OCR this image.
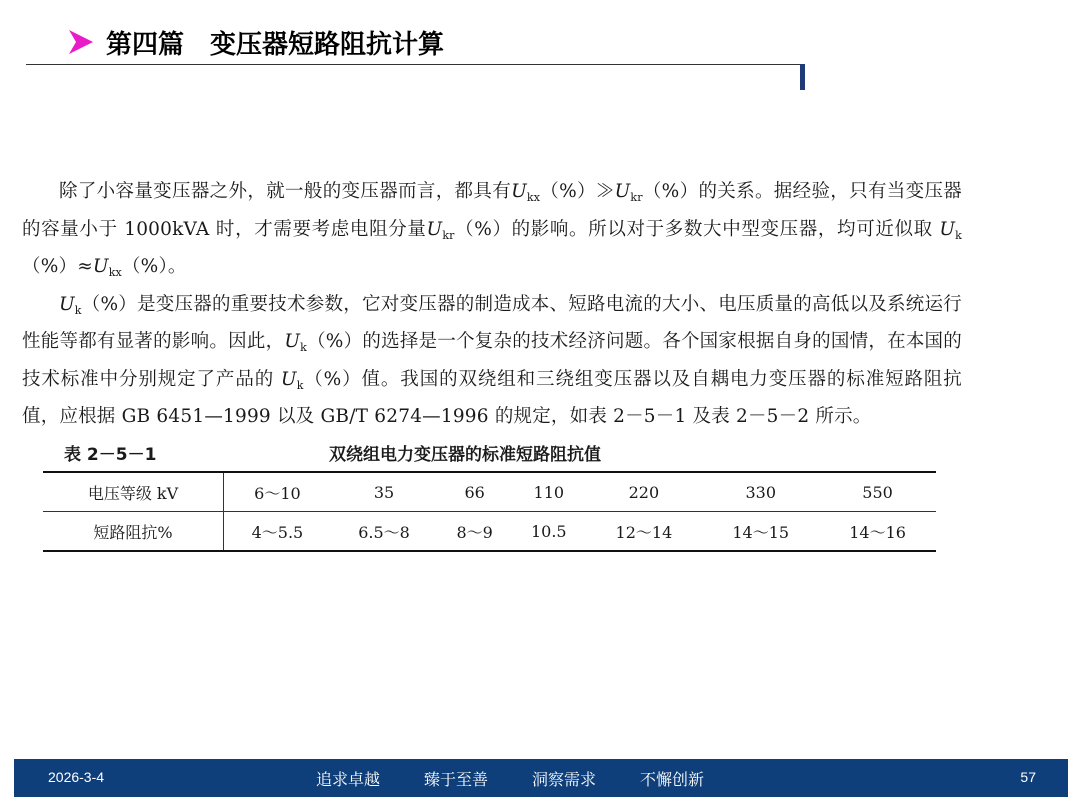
第四篇　变压器短路阻抗计算

除了小容量变压器之外，就一般的变压器而言，都具有$U_{kx}(\%)≫U_{kr}(\%)$的关系。据经验，只有当变压器的容量小于 1000kVA 时，才需要考虑电阻分量$U_{kr}(\%)$的影响。所以对于多数大中型变压器，均可近似取 $U_k(\%)\approx U_{kx}(\%)$。

$U_k(\%)$是变压器的重要技术参数，它对变压器的制造成本、短路电流的大小、电压质量的高低以及系统运行性能等都有显著的影响。因此，$U_k(\%)$的选择是一个复杂的技术经济问题。各个国家根据自身的国情，在本国的技术标准中分别规定了产品的 $U_k(\%)$值。我国的双绕组和三绕组变压器以及自耦电力变压器的标准短路阻抗值，应根据 GB 6451—1999 以及 GB/T 6274—1996 的规定，如表 2－5－1 及表 2－5－2 所示。

表 2－5－1	双绕组电力变压器的标准短路阻抗值
电压等级 kV	6～10	35	66	110	220	330	550
短路阻抗%	4～5.5	6.5～8	8～9	10.5	12～14	14～15	14～16
2026-3-4	追求卓越	臻于至善	洞察需求	不懈创新	57
